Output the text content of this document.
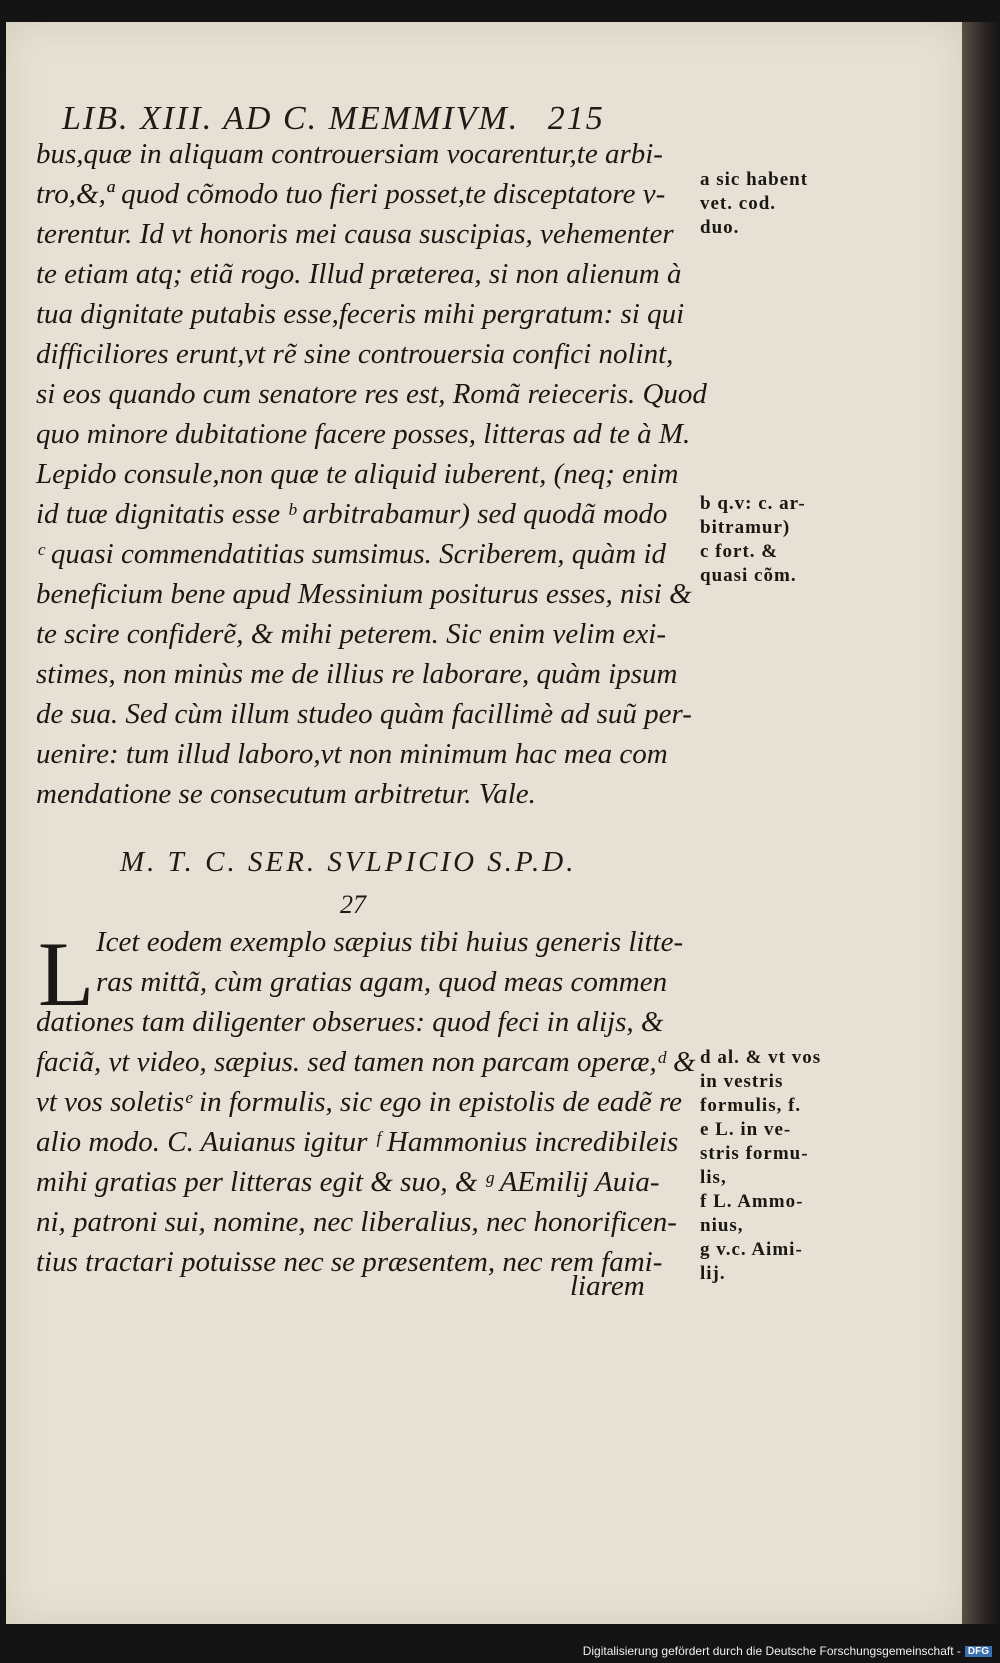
LIB. XIII. AD C. MEMMIVM. 215
bus,quæ in aliquam controuersiam vocarentur,te arbi-
tro,&,ª quod cõmodo tuo fieri posset,te disceptatore v-
terentur. Id vt honoris mei causa suscipias, vehementer
te etiam atq; etiã rogo. Illud præterea, si non alienum à
tua dignitate putabis esse,feceris mihi pergratum: si qui
difficiliores erunt,vt rẽ sine controuersia confici nolint,
si eos quando cum senatore res est, Romã reieceris. Quod
quo minore dubitatione facere posses, litteras ad te à M.
Lepido consule,non quæ te aliquid iuberent, (neq; enim
id tuæ dignitatis esse ᵇ arbitrabamur) sed quodã modo
ᶜ quasi commendatitias sumsimus. Scriberem, quàm id
beneficium bene apud Messinium positurus esses, nisi &
te scire confiderẽ, & mihi peterem. Sic enim velim exi-
stimes, non minùs me de illius re laborare, quàm ipsum
de sua. Sed cùm illum studeo quàm facillimè ad suũ per-
uenire: tum illud laboro,vt non minimum hac mea com
mendatione se consecutum arbitretur. Vale.
a sic habent
vet. cod.
duo.
b q.v: c. ar-
bitramur)
c fort. &
quasi cõm.
M. T. C. SER. SVLPICIO S.P.D.
27
L Icet eodem exemplo sæpius tibi huius generis litte-
ras mittã, cùm gratias agam, quod meas commen
dationes tam diligenter obserues: quod feci in alijs, &
faciã, vt video, sæpius. sed tamen non parcam operæ,ᵈ &
vt vos soletisᵉ in formulis, sic ego in epistolis de eadẽ re
alio modo. C. Auianus igitur ᶠ Hammonius incredibileis
mihi gratias per litteras egit & suo, & ᵍ AEmilij Auia-
ni, patroni sui, nomine, nec liberalius, nec honorificen-
tius tractari potuisse nec se præsentem, nec rem fami-
liarem
d al. & vt vos
in vestris
formulis, f.
e L. in ve-
stris formu-
lis,
f L. Ammo-
nius,
g v.c. Aimi-
lij.
Digitalisierung gefördert durch die Deutsche Forschungsgemeinschaft - DFG
